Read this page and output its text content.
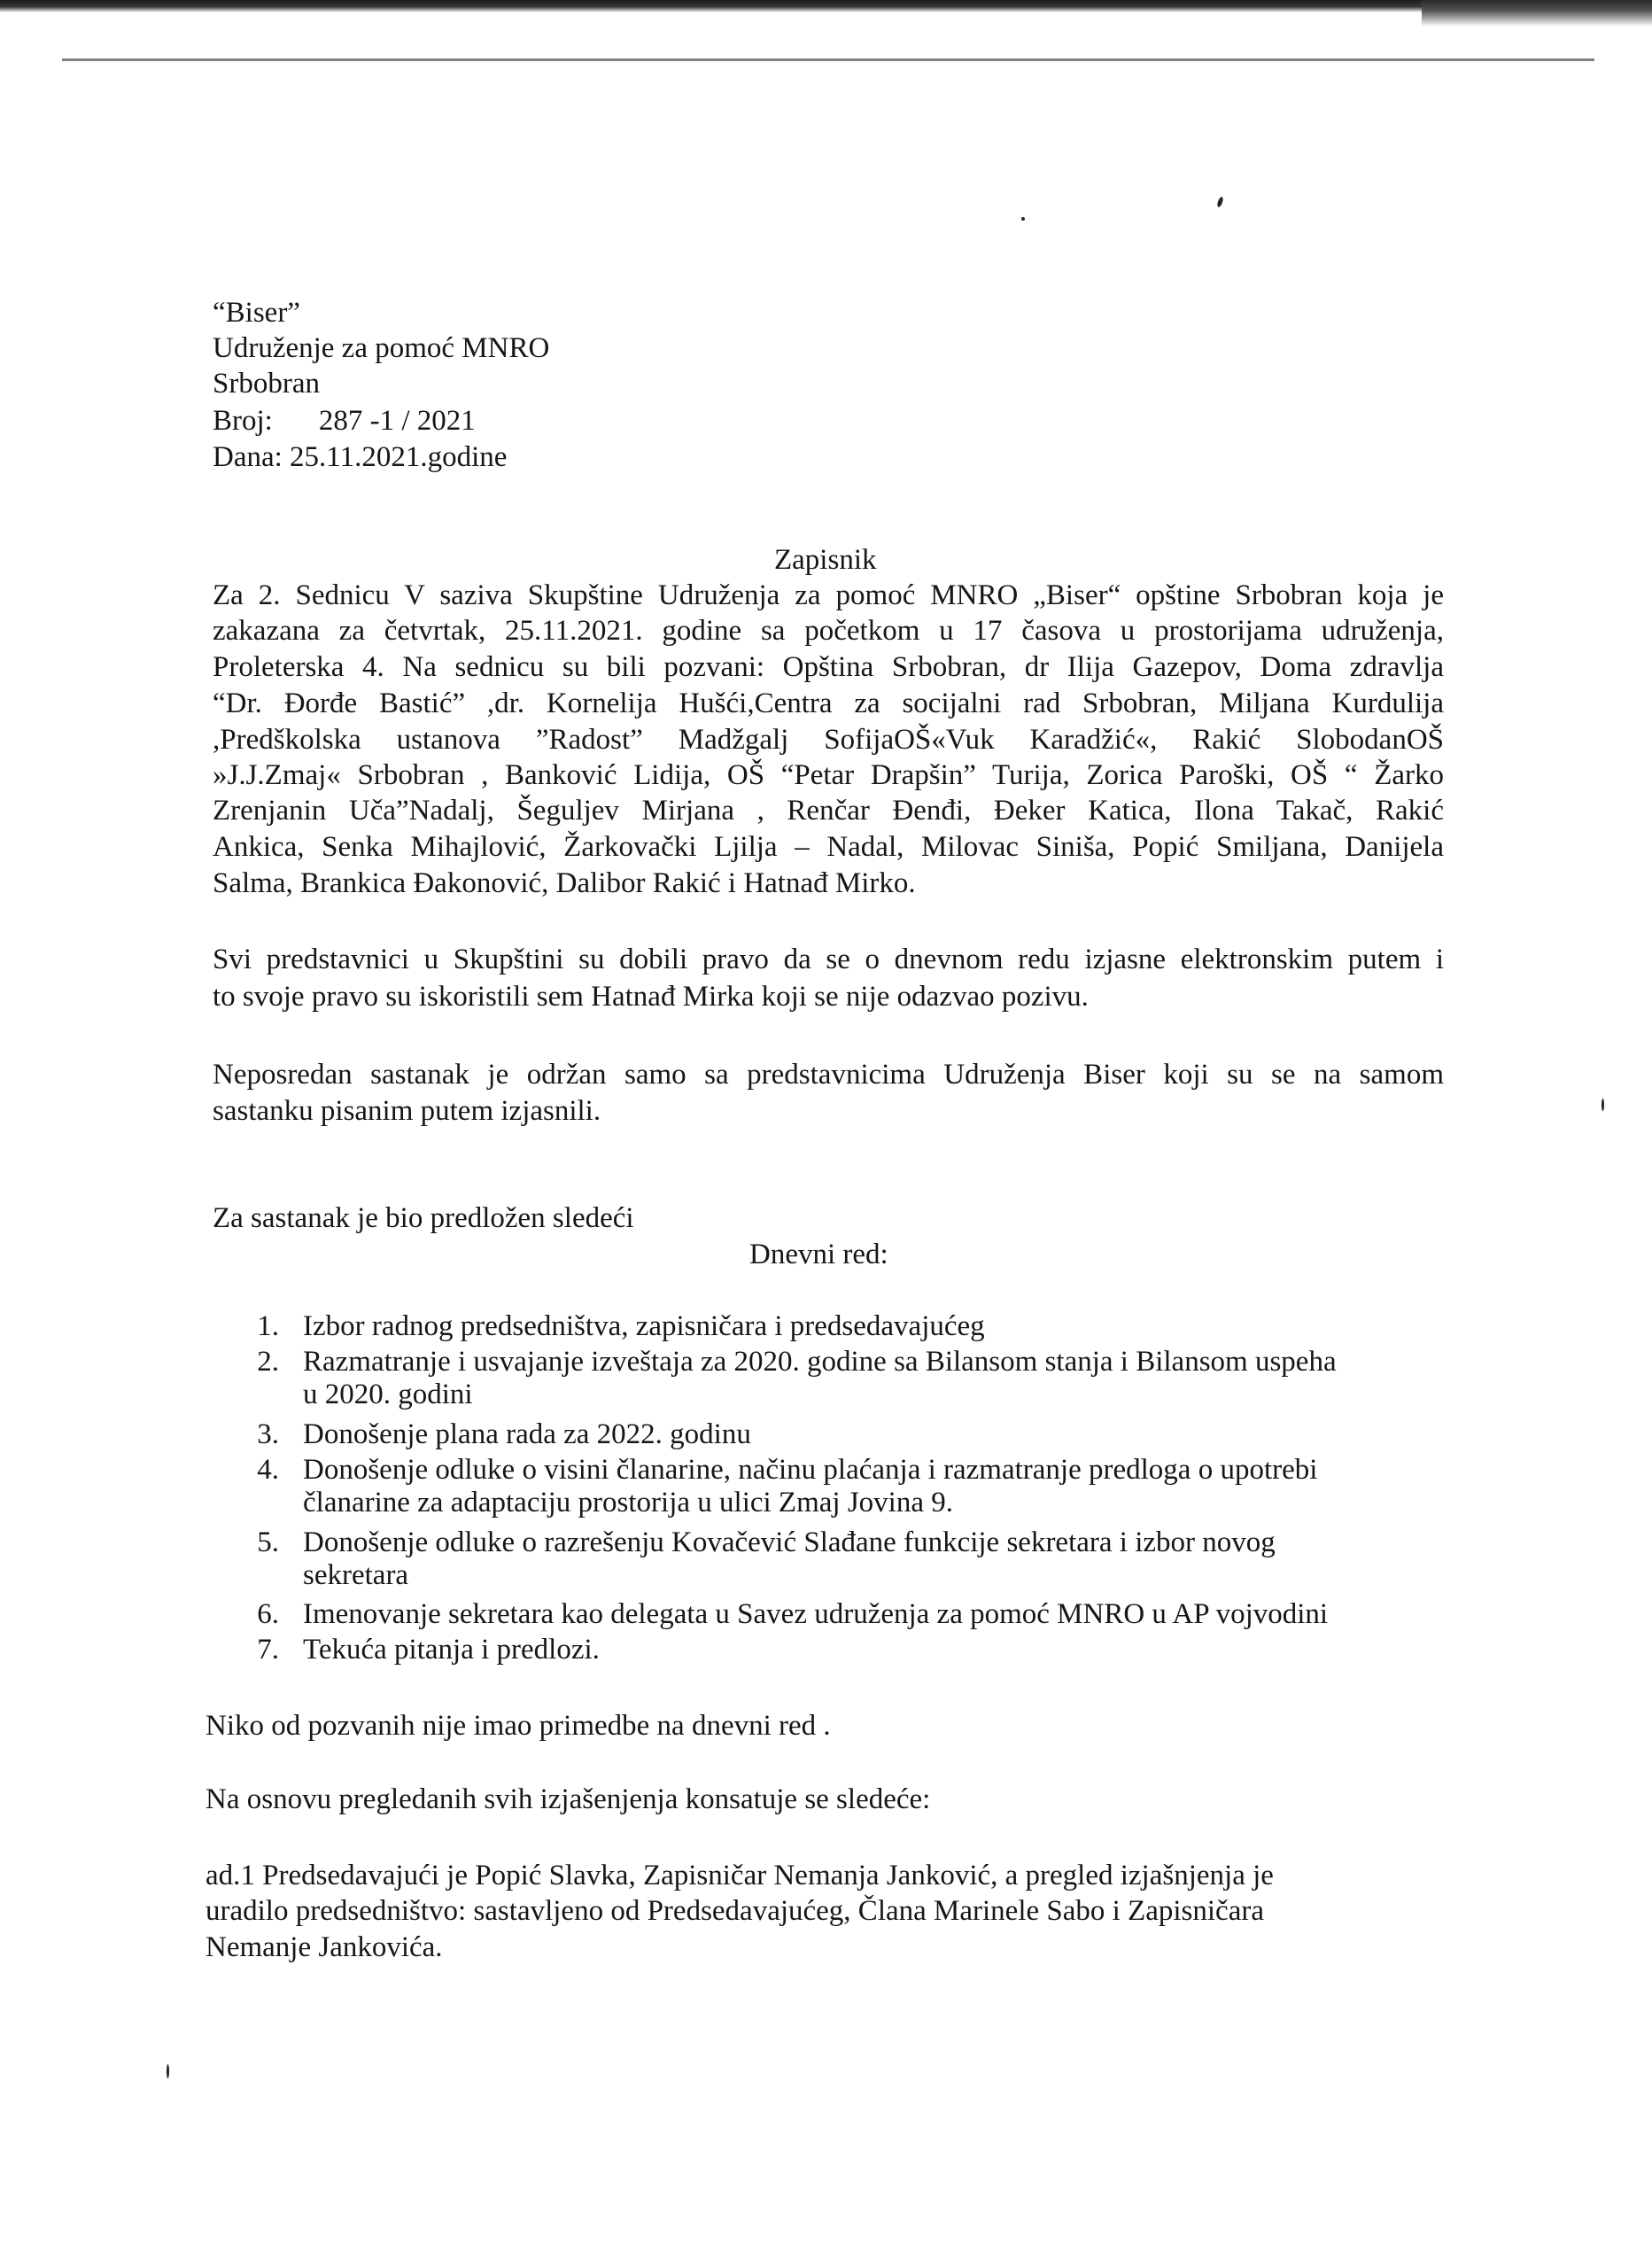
“Biser”
Udruženje za pomoć MNRO
Srbobran
Broj: 287 -1 / 2021
Dana: 25.11.2021.godine
Zapisnik
Za 2. Sednicu V saziva Skupštine Udruženja za pomoć MNRO „Biser“ opštine Srbobran koja je
zakazana za četvrtak, 25.11.2021. godine sa početkom u 17 časova u prostorijama udruženja,
Proleterska 4. Na sednicu su bili pozvani: Opština Srbobran, dr Ilija Gazepov, Doma zdravlja
“Dr. Đorđe Bastić” ,dr. Kornelija Hušći,Centra za socijalni rad Srbobran, Miljana Kurdulija
,Predškolska ustanova ”Radost” Madžgalj SofijaOŠ«Vuk Karadžić«, Rakić SlobodanOŠ
»J.J.Zmaj« Srbobran , Banković Lidija, OŠ “Petar Drapšin” Turija, Zorica Paroški, OŠ “ Žarko
Zrenjanin Uča”Nadalj, Šeguljev Mirjana , Renčar Đenđi, Đeker Katica, Ilona Takač, Rakić
Ankica, Senka Mihajlović, Žarkovački Ljilja – Nadal, Milovac Siniša, Popić Smiljana, Danijela
Salma, Brankica Đakonović, Dalibor Rakić i Hatnađ Mirko.
Svi predstavnici u Skupštini su dobili pravo da se o dnevnom redu izjasne elektronskim putem i
to svoje pravo su iskoristili sem Hatnađ Mirka koji se nije odazvao pozivu.
Neposredan sastanak je održan samo sa predstavnicima Udruženja Biser koji su se na samom
sastanku pisanim putem izjasnili.
Za sastanak je bio predložen sledeći
Dnevni red:
1. Izbor radnog predsedništva, zapisničara i predsedavajućeg
2. Razmatranje i usvajanje izveštaja za 2020. godine sa Bilansom stanja i Bilansom uspeha
u 2020. godini
3. Donošenje plana rada za 2022. godinu
4. Donošenje odluke o visini članarine, načinu plaćanja i razmatranje predloga o upotrebi
članarine za adaptaciju prostorija u ulici Zmaj Jovina 9.
5. Donošenje odluke o razrešenju Kovačević Slađane funkcije sekretara i izbor novog
sekretara
6. Imenovanje sekretara kao delegata u Savez udruženja za pomoć MNRO u AP vojvodini
7. Tekuća pitanja i predlozi.
Niko od pozvanih nije imao primedbe na dnevni red .
Na osnovu pregledanih svih izjašenjenja konsatuje se sledeće:
ad.1 Predsedavajući je Popić Slavka, Zapisničar Nemanja Janković, a pregled izjašnjenja je
uradilo predsedništvo: sastavljeno od Predsedavajućeg, Člana Marinele Sabo i Zapisničara
Nemanje Jankovića.
